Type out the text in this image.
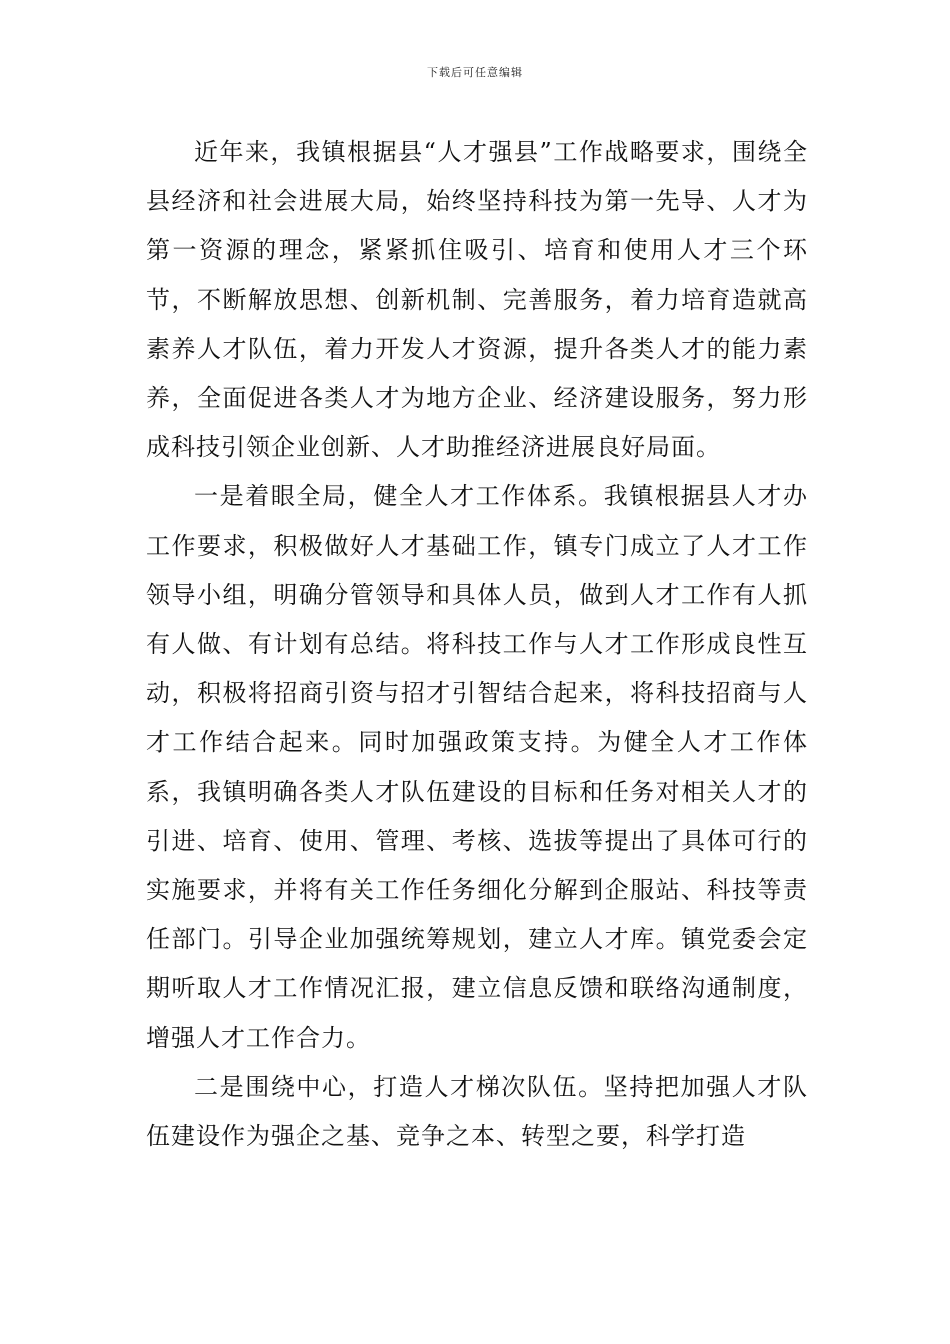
下载后可任意编辑

近年来，我镇根据县“人才强县”工作战略要求，围绕全县经济和社会进展大局，始终坚持科技为第一先导、人才为第一资源的理念，紧紧抓住吸引、培育和使用人才三个环节，不断解放思想、创新机制、完善服务，着力培育造就高素养人才队伍，着力开发人才资源，提升各类人才的能力素养，全面促进各类人才为地方企业、经济建设服务，努力形成科技引领企业创新、人才助推经济进展良好局面。

一是着眼全局，健全人才工作体系。我镇根据县人才办工作要求，积极做好人才基础工作，镇专门成立了人才工作领导小组，明确分管领导和具体人员，做到人才工作有人抓有人做、有计划有总结。将科技工作与人才工作形成良性互动，积极将招商引资与招才引智结合起来，将科技招商与人才工作结合起来。同时加强政策支持。为健全人才工作体系，我镇明确各类人才队伍建设的目标和任务对相关人才的引进、培育、使用、管理、考核、选拔等提出了具体可行的实施要求，并将有关工作任务细化分解到企服站、科技等责任部门。引导企业加强统筹规划，建立人才库。镇党委会定期听取人才工作情况汇报，建立信息反馈和联络沟通制度，增强人才工作合力。

二是围绕中心，打造人才梯次队伍。坚持把加强人才队伍建设作为强企之基、竞争之本、转型之要，科学打造
